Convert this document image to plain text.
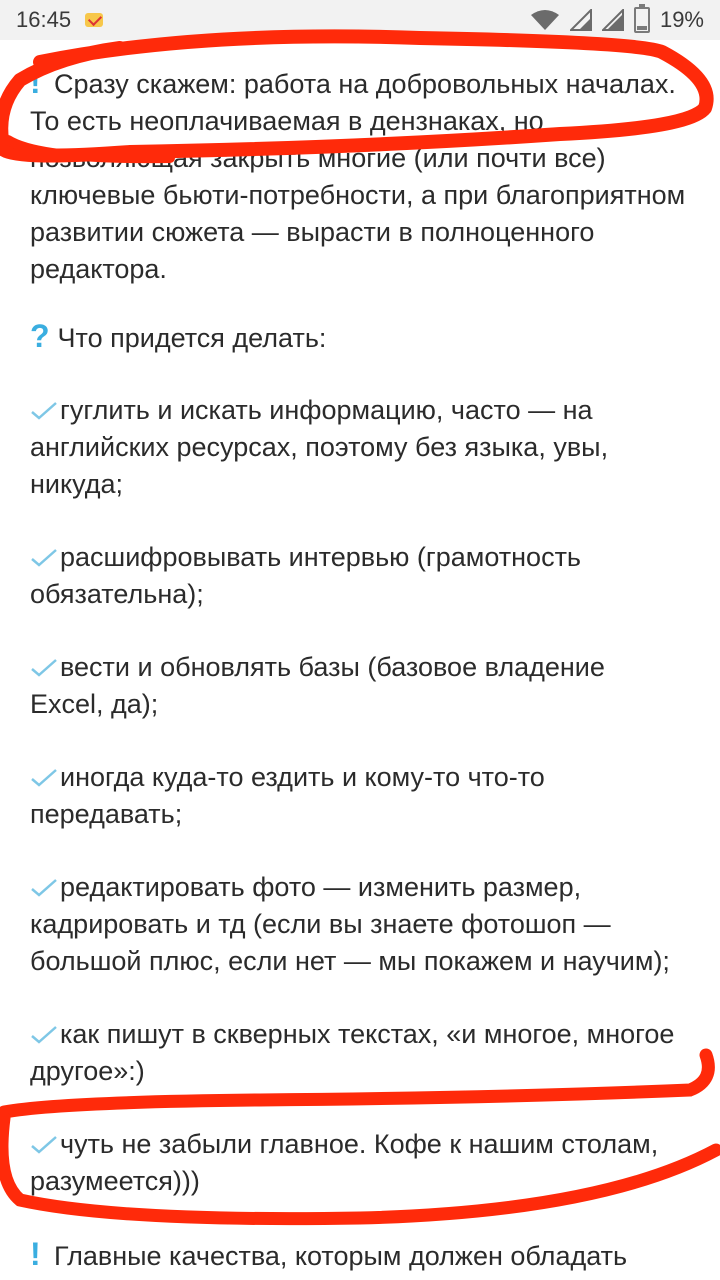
16:45	19%

! Сразу скажем: работа на добровольных началах. То есть неоплачиваемая в дензнаках, но позволяющая закрыть многие (или почти все) ключевые бьюти-потребности, а при благоприятном развитии сюжета — вырасти в полноценного редактора.

? Что придется делать:

гуглить и искать информацию, часто — на английских ресурсах, поэтому без языка, увы, никуда;

расшифровывать интервью (грамотность обязательна);

вести и обновлять базы (базовое владение Excel, да);

иногда куда-то ездить и кому-то что-то передавать;

редактировать фото — изменить размер, кадрировать и тд (если вы знаете фотошоп — большой плюс, если нет — мы покажем и научим);

как пишут в скверных текстах, «и многое, многое другое»:)

чуть не забыли главное. Кофе к нашим столам, разумеется)))

! Главные качества, которым должен обладать
